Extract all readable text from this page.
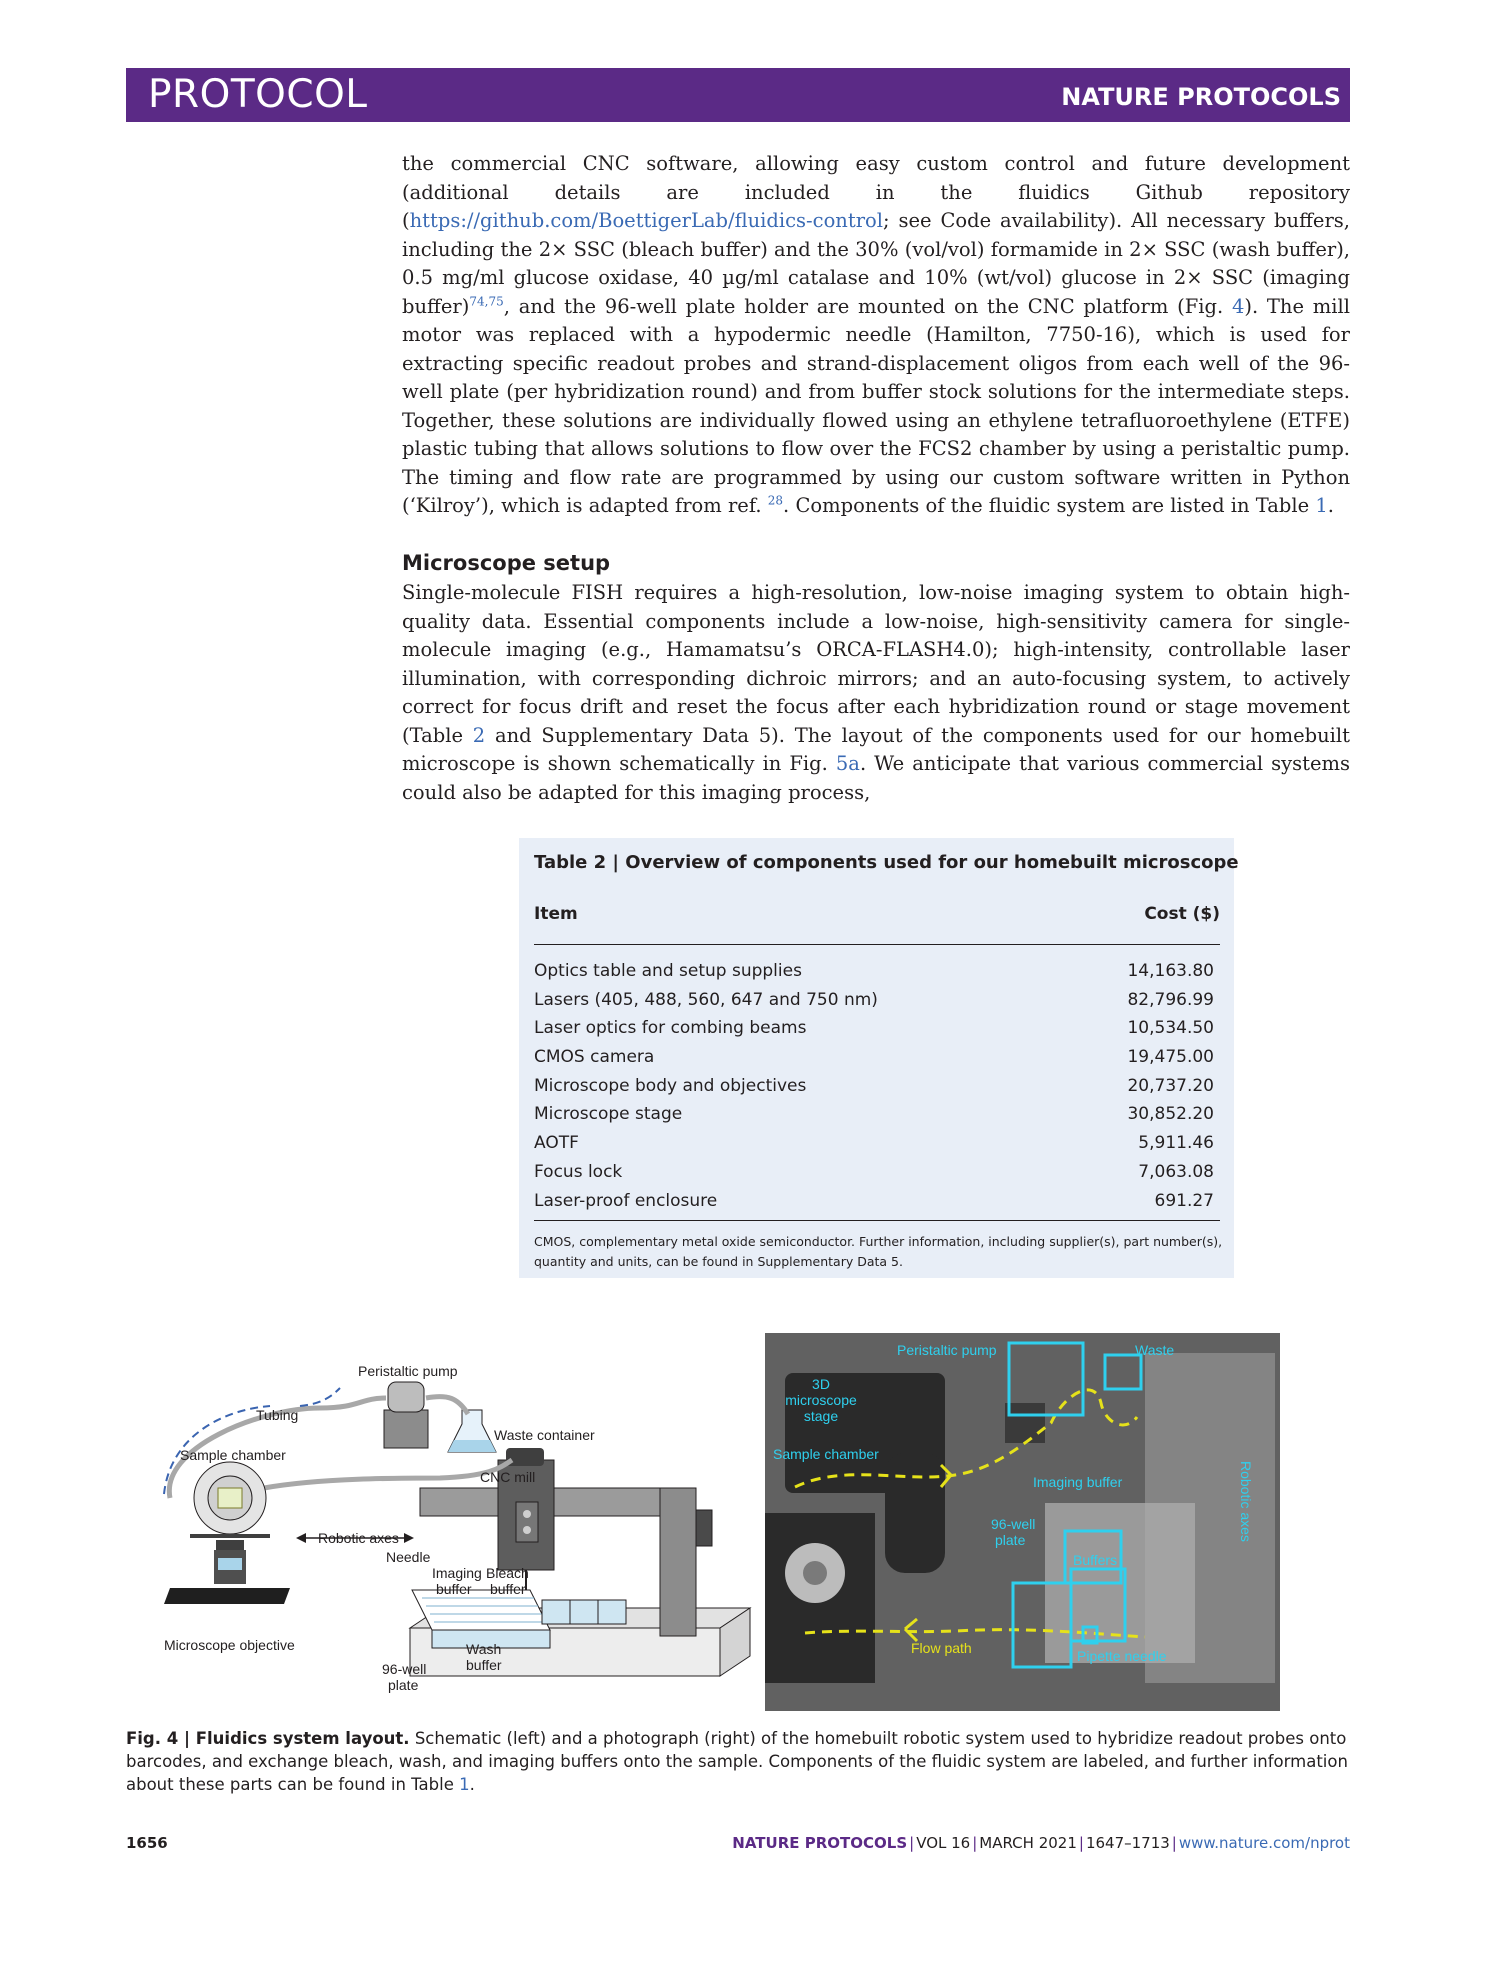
PROTOCOL	NATURE PROTOCOLS

the commercial CNC software, allowing easy custom control and future development (additional details are included in the fluidics Github repository (https://github.com/BoettigerLab/fluidics-control; see Code availability). All necessary buffers, including the 2× SSC (bleach buffer) and the 30% (vol/vol) formamide in 2× SSC (wash buffer), 0.5 mg/ml glucose oxidase, 40 µg/ml catalase and 10% (wt/vol) glucose in 2× SSC (imaging buffer)$^{74,75}$, and the 96-well plate holder are mounted on the CNC platform (Fig. 4). The mill motor was replaced with a hypodermic needle (Hamilton, 7750-16), which is used for extracting specific readout probes and strand-displacement oligos from each well of the 96-well plate (per hybridization round) and from buffer stock solutions for the intermediate steps. Together, these solutions are individually flowed using an ethylene tetrafluoroethylene (ETFE) plastic tubing that allows solutions to flow over the FCS2 chamber by using a peristaltic pump. The timing and flow rate are programmed by using our custom software written in Python (‘Kilroy’), which is adapted from ref. $^{28}$. Components of the fluidic system are listed in Table 1.

Microscope setup

Single-molecule FISH requires a high-resolution, low-noise imaging system to obtain high-quality data. Essential components include a low-noise, high-sensitivity camera for single-molecule imaging (e.g., Hamamatsu’s ORCA-FLASH4.0); high-intensity, controllable laser illumination, with corresponding dichroic mirrors; and an auto-focusing system, to actively correct for focus drift and reset the focus after each hybridization round or stage movement (Table 2 and Supplementary Data 5). The layout of the components used for our homebuilt microscope is shown schematically in Fig. 5a. We anticipate that various commercial systems could also be adapted for this imaging process,

Table 2 | Overview of components used for our homebuilt microscope
Item	Cost ($)
Optics table and setup supplies	14,163.80
Lasers (405, 488, 560, 647 and 750 nm)	82,796.99
Laser optics for combing beams	10,534.50
CMOS camera	19,475.00
Microscope body and objectives	20,737.20
Microscope stage	30,852.20
AOTF	5,911.46
Focus lock	7,063.08
Laser-proof enclosure	691.27
CMOS, complementary metal oxide semiconductor. Further information, including supplier(s), part number(s), quantity and units, can be found in Supplementary Data 5.
Peristaltic pump
Tubing
Waste container
Sample chamber
CNC mill
Robotic axes
Needle
Imaging buffer
Bleach buffer
Microscope objective	Wash buffer
96-well plate
Peristaltic pump	Waste
3D microscope stage
Sample chamber
Robotic axes
Imaging buffer
96-well plate
Buffers
Pipette needle
Flow path
Fig. 4 | Fluidics system layout. Schematic (left) and a photograph (right) of the homebuilt robotic system used to hybridize readout probes onto barcodes, and exchange bleach, wash, and imaging buffers onto the sample. Components of the fluidic system are labeled, and further information about these parts can be found in Table 1.
1656	NATURE PROTOCOLS | VOL 16 | MARCH 2021 | 1647–1713 | www.nature.com/nprot
